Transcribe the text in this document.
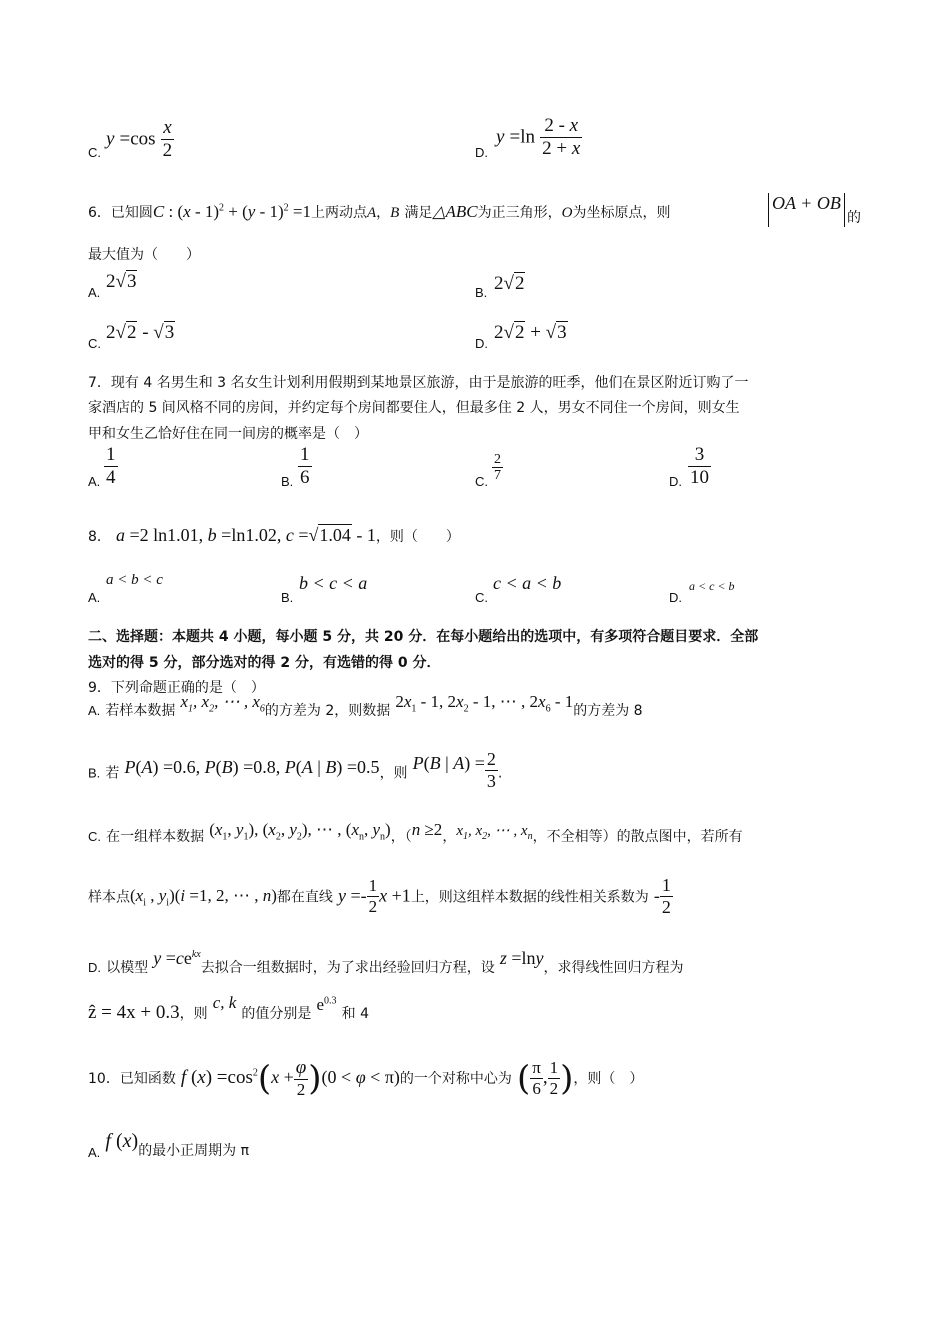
C.
$y =\cos \frac{x}{2}$	D.
$y =\ln \frac{2 - x}{2 + x}$
6．已知圆C : (x - 1)$^2$ + (y - 1)$^2$ =1上两动点A，B 满足△ABC为正三角形，O为坐标原点，则	OA + OB
的
最大值为（　　）
A.
2√3
B. 2√2
C.
2√2 - √3
D.
2√2 + √3
7．现有 4 名男生和 3 名女生计划利用假期到某地景区旅游，由于是旅游的旺季，他们在景区附近订购了一
家酒店的 5 间风格不同的房间，并约定每个房间都要住人，但最多住 2 人，男女不同住一个房间，则女生
甲和女生乙恰好住在同一间房的概率是（　）
A. $\frac{1}{4}$	B. $\frac{1}{6}$	C. $\frac{2}{7}$	D. $\frac{3}{10}$
8． a =2 ln1.01, b =ln1.02, c =√1.04 - 1，则（　　）
A.
a < b < c
B.
b < c < a
C.
c < a < b
D.
a < c < b
二、选择题：本题共 4 小题，每小题 5 分，共 20 分．在每小题给出的选项中，有多项符合题目要求．全部
选对的得 5 分，部分选对的得 2 分，有选错的得 0 分．
9．下列命题正确的是（　）
A. 若样本数据 $x_1$, $x_2$, ⋯ , $x_6$的方差为 2，则数据 $2x_1 - 1$, $2x_2 - 1$, ⋯ , $2x_6 - 1$的方差为 8
B. 若 P(A) =0.6, P(B) =0.8, P(A | B) =0.5，则 P(B | $A) = \frac{2}{3}$ .
C. 在一组样本数据 ($x_1$, $y_1$), ($x_2$, $y_2$), ⋯ , ($x_n$, $y_n$)，（n ≥2，$x_1$, $x_2$, ⋯ , $x_n$，不全相等）的散点图中，若所有
样本点($x_i$ , $y_i)(i =1$, 2, ⋯ , n)都在直线 $y =- \frac{1}{2}$ x +1上，则这组样本数据的线性相关系数为 - $\frac{1}{2}$
D. 以模型 $y =ce^{kx}$去拟合一组数据时，为了求出经验回归方程，设 z =lny，求得线性回归方程为
ẑ = 4x + 0.3，则 c, k 的值分别是 $e^{0.3}$ 和 4
10．已知函数 f $(x) =\cos^2(x + \frac{\varphi}{2} )(0 < \varphi < \pi)$的一个对称中心为 ( $\frac{\pi}{6}$ , $\frac{1}{2}$ )，则（　）
$_{A.}$ f (x)的最小正周期为 π
